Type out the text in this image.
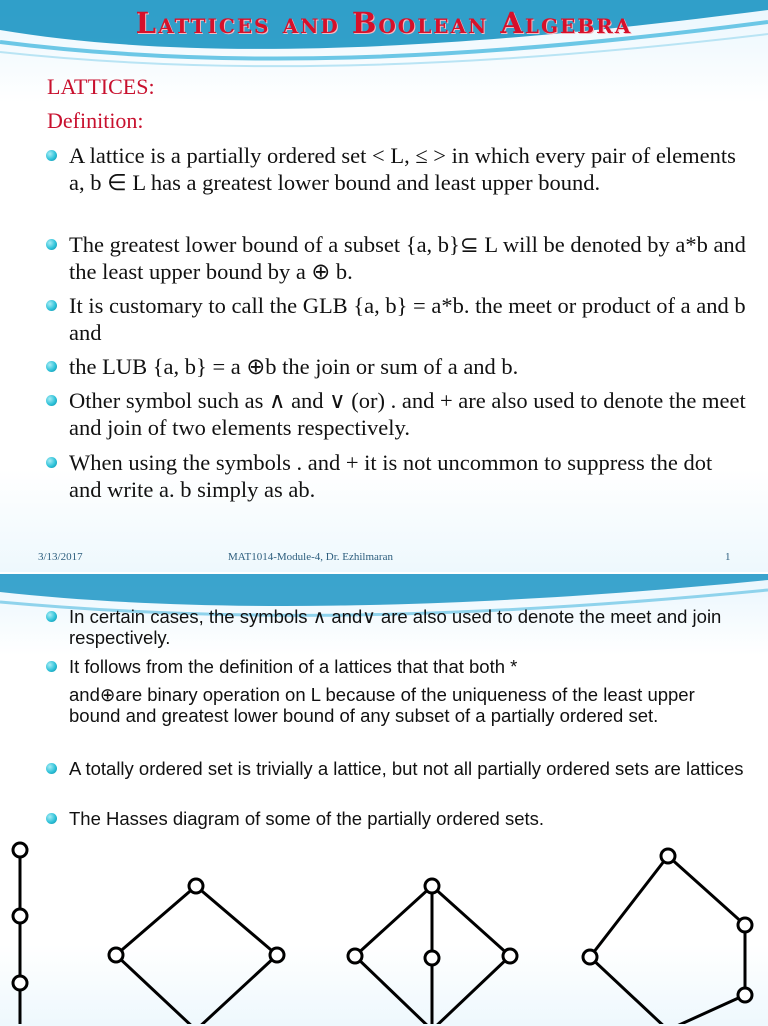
Lattices and Boolean Algebra
LATTICES:
Definition:
A lattice is a partially ordered set < L, ≤ > in which every pair of elements a, b ∈ L has a greatest lower bound and least upper bound.
The greatest lower bound of a subset {a, b}⊆ L will be denoted by a*b and the least upper bound by a ⊕ b.
It is customary to call the GLB {a, b} = a*b. the meet or product of a and b and
the LUB {a, b} = a ⊕b the join or sum of a and b.
Other symbol such as ∧ and ∨ (or) . and + are also used to denote the meet and join of two elements respectively.
When using the symbols . and + it is not uncommon to suppress the dot and write a. b simply as ab.
3/13/2017	MAT1014-Module-4, Dr. Ezhilmaran	1
In certain cases, the symbols ∧ and∨ are also used to denote the meet and join respectively.
It follows from the definition of a lattices that that both *
and⊕are binary operation on L because of the uniqueness of the least upper bound and greatest lower bound of any subset of a partially ordered set.
A totally ordered set is trivially a lattice, but not all partially ordered sets are lattices
The Hasses diagram of some of the partially ordered sets.
